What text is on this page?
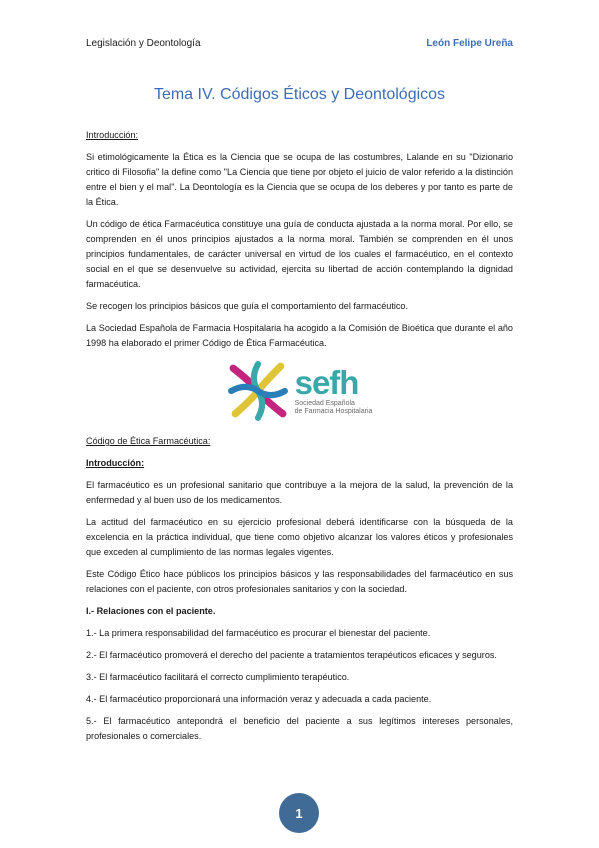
Legislación y Deontología	León Felipe Ureña
Tema IV. Códigos Éticos y Deontológicos

Introducción:

Si etimológicamente la Ética es la Ciencia que se ocupa de las costumbres, Lalande en su "Dizionario critico di Filosofia" la define como "La Ciencia que tiene por objeto el juicio de valor referido a la distinción entre el bien y el mal". La Deontología es la Ciencia que se ocupa de los deberes y por tanto es parte de la Ética.

Un código de ética Farmacéutica constituye una guía de conducta ajustada a la norma moral. Por ello, se comprenden en él unos principios ajustados a la norma moral. También se comprenden en él unos principios fundamentales, de carácter universal en virtud de los cuales el farmacéutico, en el contexto social en el que se desenvuelve su actividad, ejercita su libertad de acción contemplando la dignidad farmacéutica.

Se recogen los principios básicos que guía el comportamiento del farmacéutico.

La Sociedad Española de Farmacia Hospitalaria ha acogido a la Comisión de Bioética que durante el año 1998 ha elaborado el primer Código de Ética Farmacéutica.

sefh
Sociedad Española
de Farmacia Hospitalaria

Código de Ética Farmacéutica:

Introducción:

El farmacéutico es un profesional sanitario que contribuye a la mejora de la salud, la prevención de la enfermedad y al buen uso de los medicamentos.

La actitud del farmacéutico en su ejercicio profesional deberá identificarse con la búsqueda de la excelencia en la práctica individual, que tiene como objetivo alcanzar los valores éticos y profesionales que exceden al cumplimiento de las normas legales vigentes.

Este Código Ético hace públicos los principios básicos y las responsabilidades del farmacéutico en sus relaciones con el paciente, con otros profesionales sanitarios y con la sociedad.

I.- Relaciones con el paciente.

1.- La primera responsabilidad del farmacéutico es procurar el bienestar del paciente.

2.- El farmacéutico promoverá el derecho del paciente a tratamientos terapéuticos eficaces y seguros.

3.- El farmacéutico facilitará el correcto cumplimiento terapéutico.

4.- El farmacéutico proporcionará una información veraz y adecuada a cada paciente.

5.- El farmacéutico antepondrá el beneficio del paciente a sus legítimos intereses personales, profesionales o comerciales.

1
